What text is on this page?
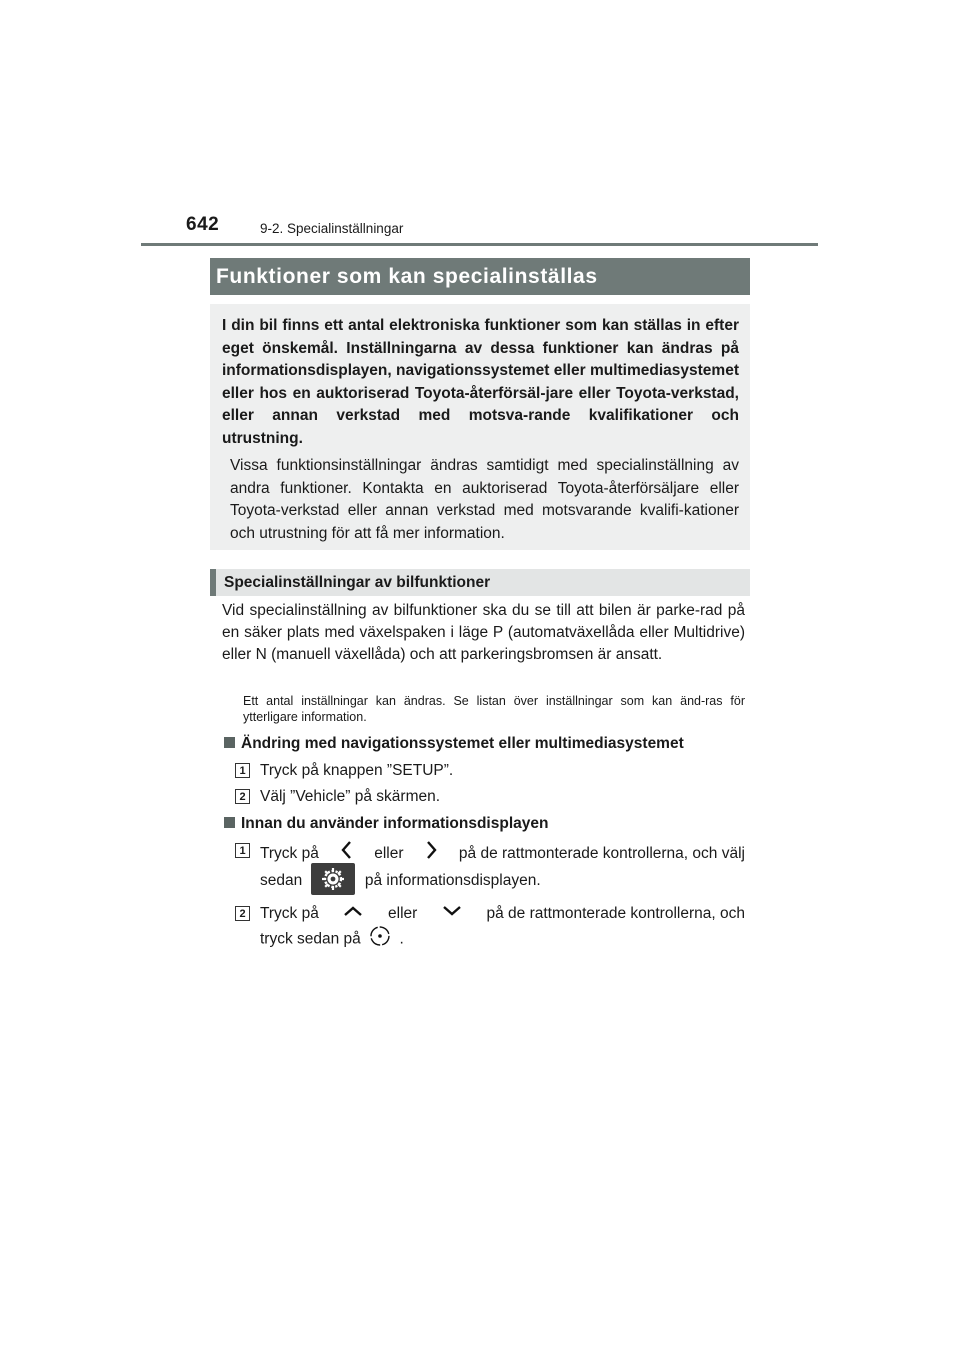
642	9-2. Specialinställningar
Funktioner som kan specialinställas

I din bil finns ett antal elektroniska funktioner som kan ställas in efter eget önskemål. Inställningarna av dessa funktioner kan ändras på informationsdisplayen, navigationssystemet eller multimediasystemet eller hos en auktoriserad Toyota-återförsäl-jare eller Toyota-verkstad, eller annan verkstad med motsva-rande kvalifikationer och utrustning.

Vissa funktionsinställningar ändras samtidigt med specialinställning av andra funktioner. Kontakta en auktoriserad Toyota-återförsäljare eller Toyota-verkstad eller annan verkstad med motsvarande kvalifi-kationer och utrustning för att få mer information.

Specialinställningar av bilfunktioner

Vid specialinställning av bilfunktioner ska du se till att bilen är parke-rad på en säker plats med växelspaken i läge P (automatväxellåda eller Multidrive) eller N (manuell växellåda) och att parkeringsbromsen är ansatt.

Ett antal inställningar kan ändras. Se listan över inställningar som kan änd-ras för ytterligare information.

Ändring med navigationssystemet eller multimediasystemet
1 Tryck på knappen ”SETUP”.
2 Välj ”Vehicle” på skärmen.
Innan du använder informationsdisplayen
1 Tryck på	eller	på de rattmonterade kontrollerna, och välj
sedan	på informationsdisplayen.
2 Tryck på	eller	på de rattmonterade kontrollerna, och
tryck sedan på .
